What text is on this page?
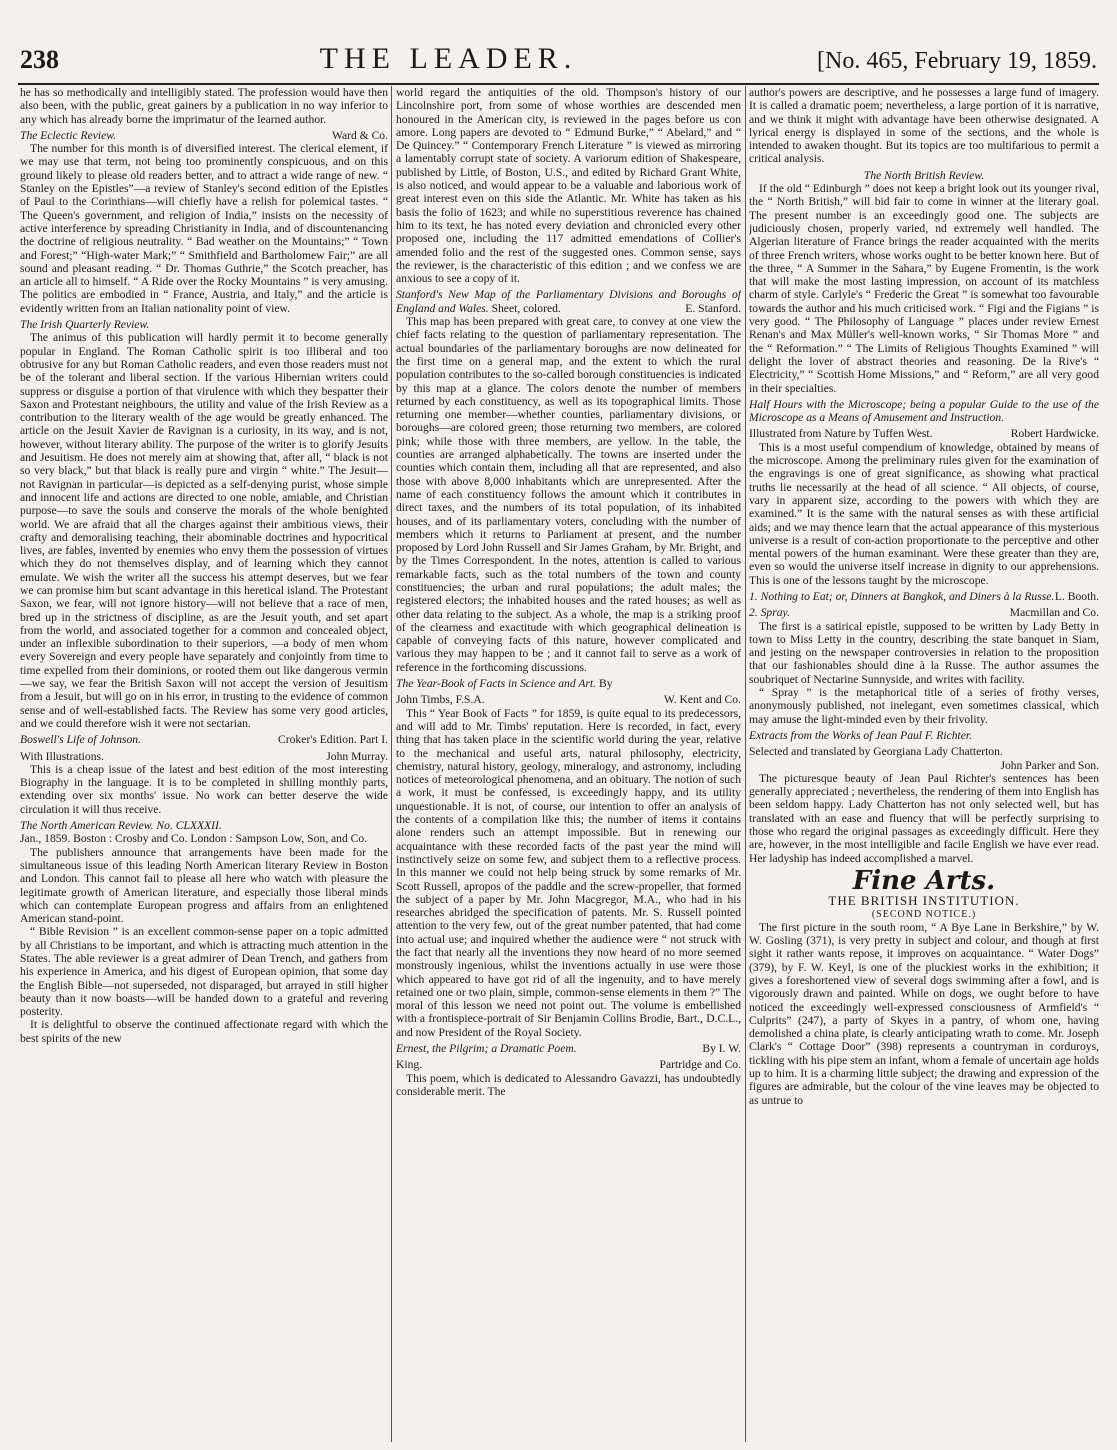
238	THE LEADER.	[No. 465, February 19, 1859.

he has so methodically and intelligibly stated. The profession would have then also been, with the public, great gainers by a publication in no way inferior to any which has already borne the imprimatur of the learned author.

The Eclectic Review.	Ward & Co.

The number for this month is of diversified interest. The clerical element, if we may use that term, not being too prominently conspicuous, and on this ground likely to please old readers better, and to attract a wide range of new. “ Stanley on the Epistles”—a review of Stanley's second edition of the Epistles of Paul to the Corinthians—will chiefly have a relish for polemical tastes. “ The Queen's government, and religion of India,” insists on the necessity of active interference by spreading Christianity in India, and of discountenancing the doctrine of religious neutrality. “ Bad weather on the Mountains;” “ Town and Forest;” “High-water Mark;” “ Smithfield and Bartholomew Fair;” are all sound and pleasant reading. “ Dr. Thomas Guthrie,” the Scotch preacher, has an article all to himself. “ A Ride over the Rocky Mountains ” is very amusing. The politics are embodied in “ France, Austria, and Italy,” and the article is evidently written from an Italian nationality point of view.

The Irish Quarterly Review.

The animus of this publication will hardly permit it to become generally popular in England. The Roman Catholic spirit is too illiberal and too obtrusive for any but Roman Catholic readers, and even those readers must not be of the tolerant and liberal section. If the various Hibernian writers could suppress or disguise a portion of that virulence with which they bespatter their Saxon and Protestant neighbours, the utility and value of the Irish Review as a contribution to the literary wealth of the age would be greatly enhanced. The article on the Jesuit Xavier de Ravignan is a curiosity, in its way, and is not, however, without literary ability. The purpose of the writer is to glorify Jesuits and Jesuitism. He does not merely aim at showing that, after all, “ black is not so very black,” but that black is really pure and virgin “ white.” The Jesuit—not Ravignan in particular—is depicted as a self-denying purist, whose simple and innocent life and actions are directed to one noble, amiable, and Christian purpose—to save the souls and conserve the morals of the whole benighted world. We are afraid that all the charges against their ambitious views, their crafty and demoralising teaching, their abominable doctrines and hypocritical lives, are fables, invented by enemies who envy them the possession of virtues which they do not themselves display, and of learning which they cannot emulate. We wish the writer all the success his attempt deserves, but we fear we can promise him but scant advantage in this heretical island. The Protestant Saxon, we fear, will not ignore history—will not believe that a race of men, bred up in the strictness of discipline, as are the Jesuit youth, and set apart from the world, and associated together for a common and concealed object, under an inflexible subordination to their superiors, —a body of men whom every Sovereign and every people have separately and conjointly from time to time expelled from their dominions, or rooted them out like dangerous vermin—we say, we fear the British Saxon will not accept the version of Jesuitism from a Jesuit, but will go on in his error, in trusting to the evidence of common sense and of well-established facts. The Review has some very good articles, and we could therefore wish it were not sectarian.

Boswell's Life of Johnson.	Croker's Edition. Part I.
With Illustrations.	John Murray.

This is a cheap issue of the latest and best edition of the most interesting Biography in the language. It is to be completed in shilling monthly parts, extending over six months' issue. No work can better deserve the wide circulation it will thus receive.

The North American Review. No. CLXXXII.

Jan., 1859. Boston : Crosby and Co. London : Sampson Low, Son, and Co.

The publishers announce that arrangements have been made for the simultaneous issue of this leading North American literary Review in Boston and London. This cannot fail to please all here who watch with pleasure the legitimate growth of American literature, and especially those liberal minds which can contemplate European progress and affairs from an enlightened American stand-point.

“ Bible Revision ” is an excellent common-sense paper on a topic admitted by all Christians to be important, and which is attracting much attention in the States. The able reviewer is a great admirer of Dean Trench, and gathers from his experience in America, and his digest of European opinion, that some day the English Bible—not superseded, not disparaged, but arrayed in still higher beauty than it now boasts—will be handed down to a grateful and revering posterity.

It is delightful to observe the continued affectionate regard with which the best spirits of the new

world regard the antiquities of the old. Thompson's history of our Lincolnshire port, from some of whose worthies are descended men honoured in the American city, is reviewed in the pages before us con amore. Long papers are devoted to “ Edmund Burke,” “ Abelard,” and “ De Quincey.” “ Contemporary French Literature ” is viewed as mirroring a lamentably corrupt state of society. A variorum edition of Shakespeare, published by Little, of Boston, U.S., and edited by Richard Grant White, is also noticed, and would appear to be a valuable and laborious work of great interest even on this side the Atlantic. Mr. White has taken as his basis the folio of 1623; and while no superstitious reverence has chained him to its text, he has noted every deviation and chronicled every other proposed one, including the 117 admitted emendations of Collier's amended folio and the rest of the suggested ones. Common sense, says the reviewer, is the characteristic of this edition ; and we confess we are anxious to see a copy of it.

Stanford's New Map of the Parliamentary Divisions and Boroughs of England and Wales. Sheet, colored.	E. Stanford.

This map has been prepared with great care, to convey at one view the chief facts relating to the question of parliamentary representation. The actual boundaries of the parliamentary boroughs are now delineated for the first time on a general map, and the extent to which the rural population contributes to the so-called borough constituencies is indicated by this map at a glance. The colors denote the number of members returned by each constituency, as well as its topographical limits. Those returning one member—whether counties, parliamentary divisions, or boroughs—are colored green; those returning two members, are colored pink; while those with three members, are yellow. In the table, the counties are arranged alphabetically. The towns are inserted under the counties which contain them, including all that are represented, and also those with above 8,000 inhabitants which are unrepresented. After the name of each constituency follows the amount which it contributes in direct taxes, and the numbers of its total population, of its inhabited houses, and of its parliamentary voters, concluding with the number of members which it returns to Parliament at present, and the number proposed by Lord John Russell and Sir James Graham, by Mr. Bright, and by the Times Correspondent. In the notes, attention is called to various remarkable facts, such as the total numbers of the town and county constituencies; the urban and rural populations; the adult males; the registered electors; the inhabited houses and the rated houses; as well as other data relating to the subject. As a whole, the map is a striking proof of the clearness and exactitude with which geographical delineation is capable of conveying facts of this nature, however complicated and various they may happen to be ; and it cannot fail to serve as a work of reference in the forthcoming discussions.

The Year-Book of Facts in Science and Art. By
John Timbs, F.S.A.	W. Kent and Co.

This “ Year Book of Facts ” for 1859, is quite equal to its predecessors, and will add to Mr. Timbs' reputation. Here is recorded, in fact, every thing that has taken place in the scientific world during the year, relative to the mechanical and useful arts, natural philosophy, electricity, chemistry, natural history, geology, mineralogy, and astronomy, including notices of meteorological phenomena, and an obituary. The notion of such a work, it must be confessed, is exceedingly happy, and its utility unquestionable. It is not, of course, our intention to offer an analysis of the contents of a compilation like this; the number of items it contains alone renders such an attempt impossible. But in renewing our acquaintance with these recorded facts of the past year the mind will instinctively seize on some few, and subject them to a reflective process. In this manner we could not help being struck by some remarks of Mr. Scott Russell, apropos of the paddle and the screw-propeller, that formed the subject of a paper by Mr. John Macgregor, M.A., who had in his researches abridged the specification of patents. Mr. S. Russell pointed attention to the very few, out of the great number patented, that had come into actual use; and inquired whether the audience were “ not struck with the fact that nearly all the inventions they now heard of no more seemed monstrously ingenious, whilst the inventions actually in use were those which appeared to have got rid of all the ingenuity, and to have merely retained one or two plain, simple, common-sense elements in them ?” The moral of this lesson we need not point out. The volume is embellished with a frontispiece-portrait of Sir Benjamin Collins Brodie, Bart., D.C.L., and now President of the Royal Society.

Ernest, the Pilgrim; a Dramatic Poem.	By I. W.
King.	Partridge and Co.

This poem, which is dedicated to Alessandro Gavazzi, has undoubtedly considerable merit. The

author's powers are descriptive, and he possesses a large fund of imagery. It is called a dramatic poem; nevertheless, a large portion of it is narrative, and we think it might with advantage have been otherwise designated. A lyrical energy is displayed in some of the sections, and the whole is intended to awaken thought. But its topics are too multifarious to permit a critical analysis.

The North British Review.

If the old “ Edinburgh ” does not keep a bright look out its younger rival, the “ North British,” will bid fair to come in winner at the literary goal. The present number is an exceedingly good one. The subjects are judiciously chosen, properly varied, nd extremely well handled. The Algerian literature of France brings the reader acquainted with the merits of three French writers, whose works ought to be better known here. But of the three, “ A Summer in the Sahara,” by Eugene Fromentin, is the work that will make the most lasting impression, on account of its matchless charm of style. Carlyle's “ Frederic the Great ” is somewhat too favourable towards the author and his much criticised work. “ Figi and the Figians ” is very good. “ The Philosophy of Language ” places under review Ernest Renan's and Max Müller's well-known works, “ Sir Thomas More ” and the “ Reformation.” “ The Limits of Religious Thoughts Examined ” will delight the lover of abstract theories and reasoning. De la Rive's “ Electricity,” “ Scottish Home Missions,” and “ Reform,” are all very good in their specialties.

Half Hours with the Microscope; being a popular Guide to the use of the Microscope as a Means of Amusement and Instruction.
Illustrated from Nature by Tuffen West.	Robert Hardwicke.

This is a most useful compendium of knowledge, obtained by means of the microscope. Among the preliminary rules given for the examination of the engravings is one of great significance, as showing what practical truths lie necessarily at the head of all science. “ All objects, of course, vary in apparent size, according to the powers with which they are examined.” It is the same with the natural senses as with these artificial aids; and we may thence learn that the actual appearance of this mysterious universe is a result of con-action proportionate to the perceptive and other mental powers of the human examinant. Were these greater than they are, even so would the universe itself increase in dignity to our apprehensions. This is one of the lessons taught by the microscope.

1. Nothing to Eat; or, Dinners at Bangkok, and Diners à la Russe. L. Booth.
2. Spray.	Macmillan and Co.

The first is a satirical epistle, supposed to be written by Lady Betty in town to Miss Letty in the country, describing the state banquet in Siam, and jesting on the newspaper controversies in relation to the proposition that our fashionables should dine à la Russe. The author assumes the soubriquet of Nectarine Sunnyside, and writes with facility.

“ Spray ” is the metaphorical title of a series of frothy verses, anonymously published, not inelegant, even sometimes classical, which may amuse the light-minded even by their frivolity.

Extracts from the Works of Jean Paul F. Richter.
Selected and translated by Georgiana Lady Chatterton.
John Parker and Son.

The picturesque beauty of Jean Paul Richter's sentences has been generally appreciated ; nevertheless, the rendering of them into English has been seldom happy. Lady Chatterton has not only selected well, but has translated with an ease and fluency that will be perfectly surprising to those who regard the original passages as exceedingly difficult. Here they are, however, in the most intelligible and facile English we have ever read. Her ladyship has indeed accomplished a marvel.

Fine Arts.
THE BRITISH INSTITUTION.
(SECOND NOTICE.)

The first picture in the south room, “ A Bye Lane in Berkshire,” by W. W. Gosling (371), is very pretty in subject and colour, and though at first sight it rather wants repose, it improves on acquaintance. “ Water Dogs” (379), by F. W. Keyl, is one of the pluckiest works in the exhibition; it gives a foreshortened view of several dogs swimming after a fowl, and is vigorously drawn and painted. While on dogs, we ought before to have noticed the exceedingly well-expressed consciousness of Armfield's “ Culprits” (247), a party of Skyes in a pantry, of whom one, having demolished a china plate, is clearly anticipating wrath to come. Mr. Joseph Clark's “ Cottage Door” (398) represents a countryman in corduroys, tickling with his pipe stem an infant, whom a female of uncertain age holds up to him. It is a charming little subject; the drawing and expression of the figures are admirable, but the colour of the vine leaves may be objected to as untrue to
